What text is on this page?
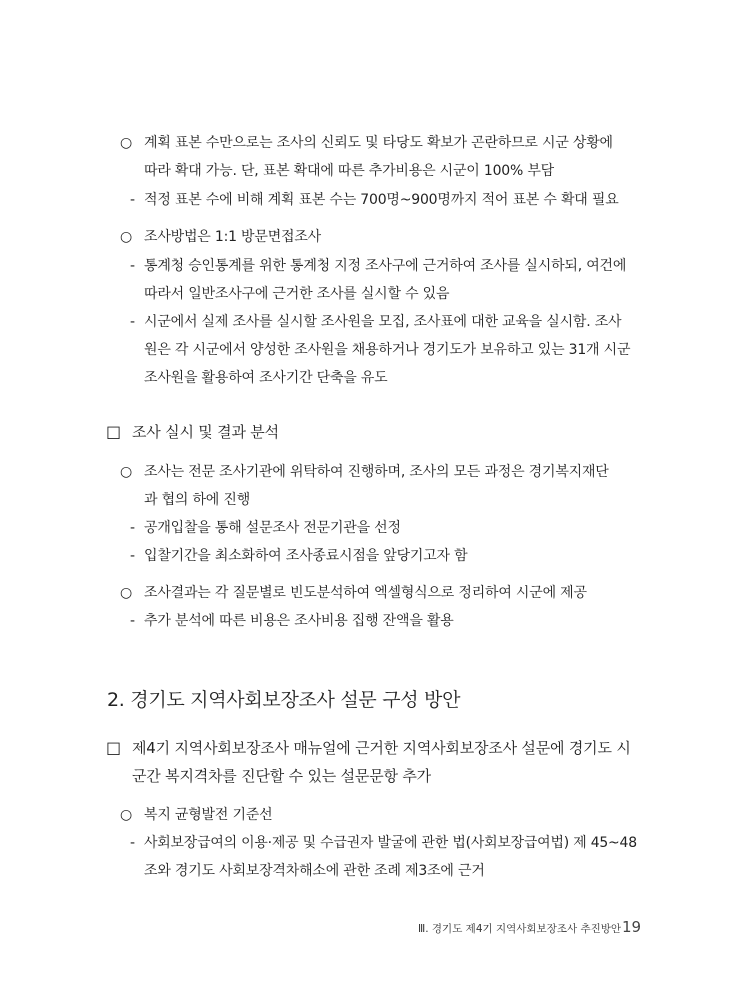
○ 계획 표본 수만으로는 조사의 신뢰도 및 타당도 확보가 곤란하므로 시군 상황에
따라 확대 가능. 단, 표본 확대에 따른 추가비용은 시군이 100% 부담
- 적정 표본 수에 비해 계획 표본 수는 700명~900명까지 적어 표본 수 확대 필요
○ 조사방법은 1:1 방문면접조사
- 통계청 승인통계를 위한 통계청 지정 조사구에 근거하여 조사를 실시하되, 여건에
따라서 일반조사구에 근거한 조사를 실시할 수 있음
- 시군에서 실제 조사를 실시할 조사원을 모집, 조사표에 대한 교육을 실시함. 조사
원은 각 시군에서 양성한 조사원을 채용하거나 경기도가 보유하고 있는 31개 시군
조사원을 활용하여 조사기간 단축을 유도
□ 조사 실시 및 결과 분석
○ 조사는 전문 조사기관에 위탁하여 진행하며, 조사의 모든 과정은 경기복지재단
과 협의 하에 진행
- 공개입찰을 통해 설문조사 전문기관을 선정
- 입찰기간을 최소화하여 조사종료시점을 앞당기고자 함
○ 조사결과는 각 질문별로 빈도분석하여 엑셀형식으로 정리하여 시군에 제공
- 추가 분석에 따른 비용은 조사비용 집행 잔액을 활용
2. 경기도 지역사회보장조사 설문 구성 방안
□ 제4기 지역사회보장조사 매뉴얼에 근거한 지역사회보장조사 설문에 경기도 시
군간 복지격차를 진단할 수 있는 설문문항 추가
○ 복지 균형발전 기준선
- 사회보장급여의 이용·제공 및 수급권자 발굴에 관한 법(사회보장급여법) 제 45~48
조와 경기도 사회보장격차해소에 관한 조례 제3조에 근거
Ⅲ. 경기도 제4기 지역사회보장조사 추진방안 19
